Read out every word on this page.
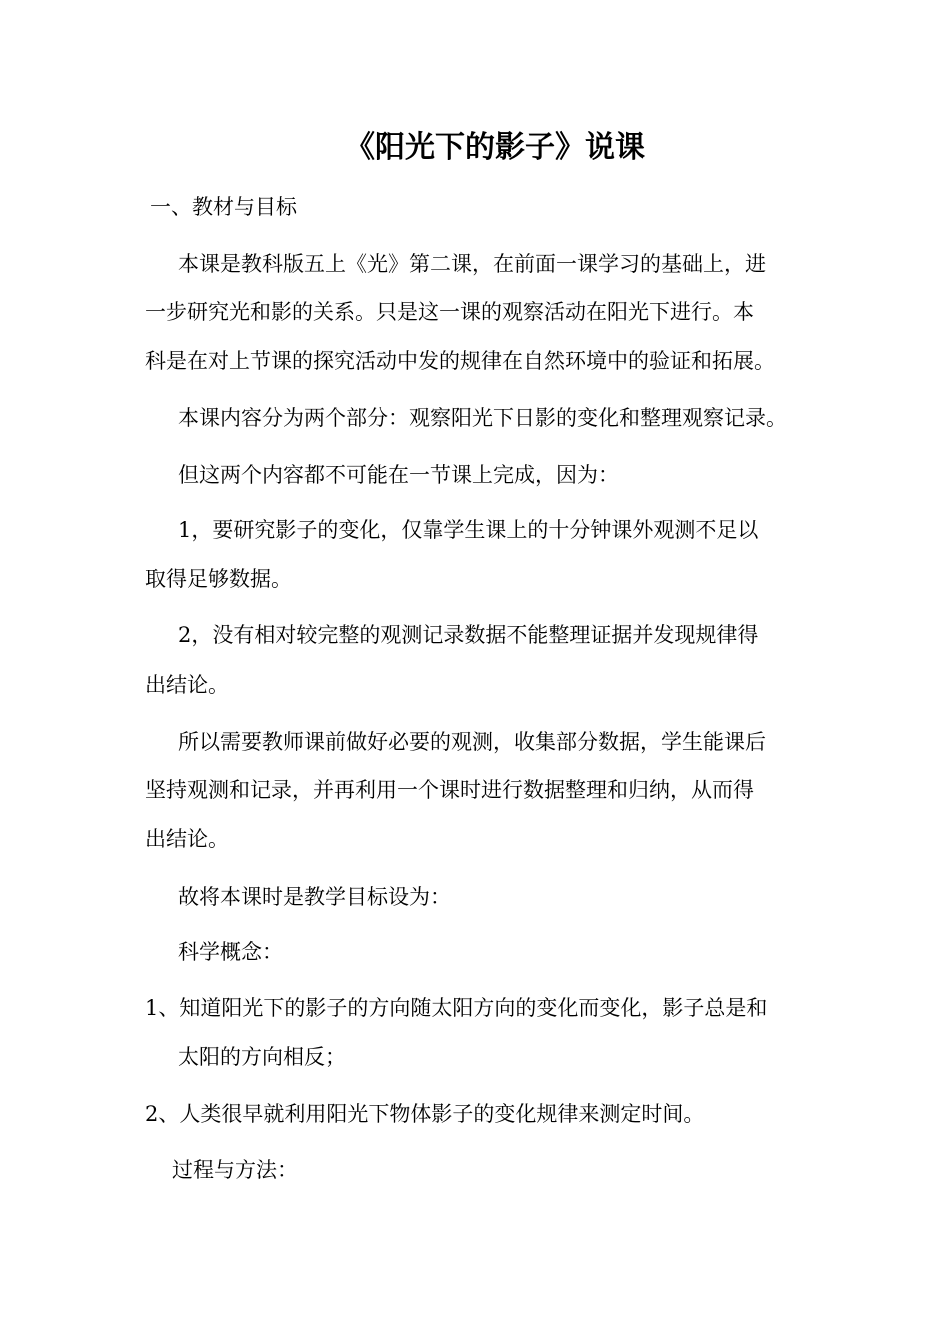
《阳光下的影子》说课
一、教材与目标
本课是教科版五上《光》第二课，在前面一课学习的基础上，进
一步研究光和影的关系。只是这一课的观察活动在阳光下进行。本
科是在对上节课的探究活动中发的规律在自然环境中的验证和拓展。
本课内容分为两个部分：观察阳光下日影的变化和整理观察记录。
但这两个内容都不可能在一节课上完成，因为：
1，要研究影子的变化，仅靠学生课上的十分钟课外观测不足以
取得足够数据。
2，没有相对较完整的观测记录数据不能整理证据并发现规律得
出结论。
所以需要教师课前做好必要的观测，收集部分数据，学生能课后
坚持观测和记录，并再利用一个课时进行数据整理和归纳，从而得
出结论。
故将本课时是教学目标设为：
科学概念：
1、知道阳光下的影子的方向随太阳方向的变化而变化，影子总是和
太阳的方向相反；
2、人类很早就利用阳光下物体影子的变化规律来测定时间。
过程与方法：
